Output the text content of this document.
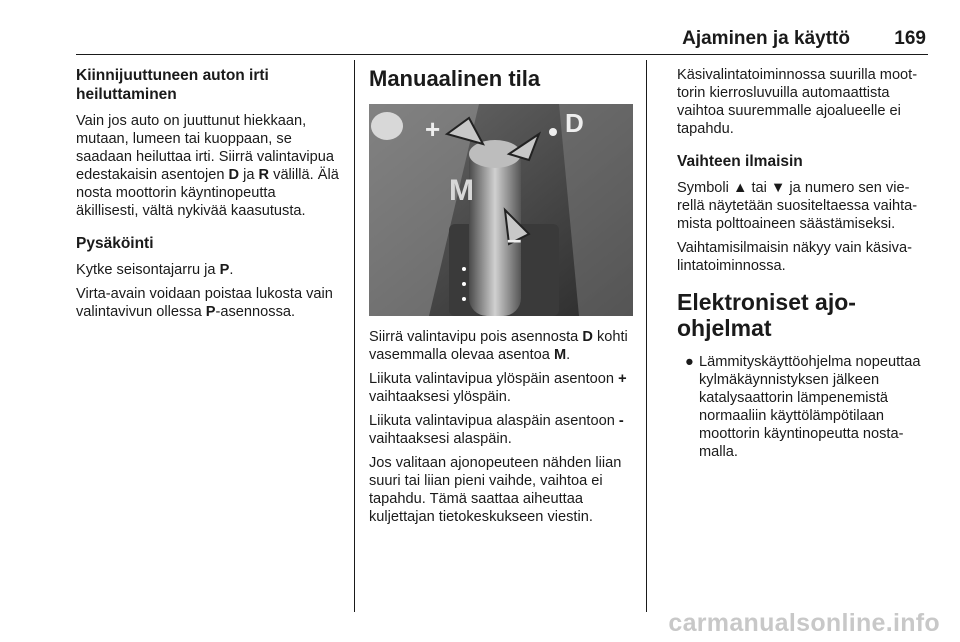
Ajaminen ja käyttö 169
Kiinnijuuttuneen auton irti heiluttaminen

Vain jos auto on juuttunut hiekkaan, mutaan, lumeen tai kuoppaan, se saadaan heiluttaa irti. Siirrä valintavipua edestakaisin asentojen D ja R välillä. Älä nosta moottorin käyntinopeutta äkillisesti, vältä nykivää kaasutusta.

Pysäköinti

Kytke seisontajarru ja P.

Virta-avain voidaan poistaa lukosta vain valintavivun ollessa P-asennossa.

Manuaalinen tila
+	D
M
–

Siirrä valintavipu pois asennosta D kohti vasemmalla olevaa asentoa M.

Liikuta valintavipua ylöspäin asentoon + vaihtaaksesi ylöspäin.

Liikuta valintavipua alaspäin asentoon - vaihtaaksesi alaspäin.

Jos valitaan ajonopeuteen nähden liian suuri tai liian pieni vaihde, vaihtoa ei tapahdu. Tämä saattaa aiheuttaa kuljettajan tietokeskukseen viestin.

Käsivalintatoiminnossa suurilla moottorin kierrosluvuilla automaattista vaihtoa suuremmalle ajoalueelle ei tapahdu.

Vaihteen ilmaisin

Symboli ▲ tai ▼ ja numero sen vierellä näytetään suositeltaessa vaihtamista polttoaineen säästämiseksi.

Vaihtamisilmaisin näkyy vain käsivalintatoiminnossa.

Elektroniset ajo-ohjelmat
● Lämmityskäyttöohjelma nopeuttaa kylmäkäynnistyksen jälkeen katalysaattorin lämpenemistä normaaliin käyttölämpötilaan moottorin käyntinopeutta nostamalla.
carmanualsonline.info
